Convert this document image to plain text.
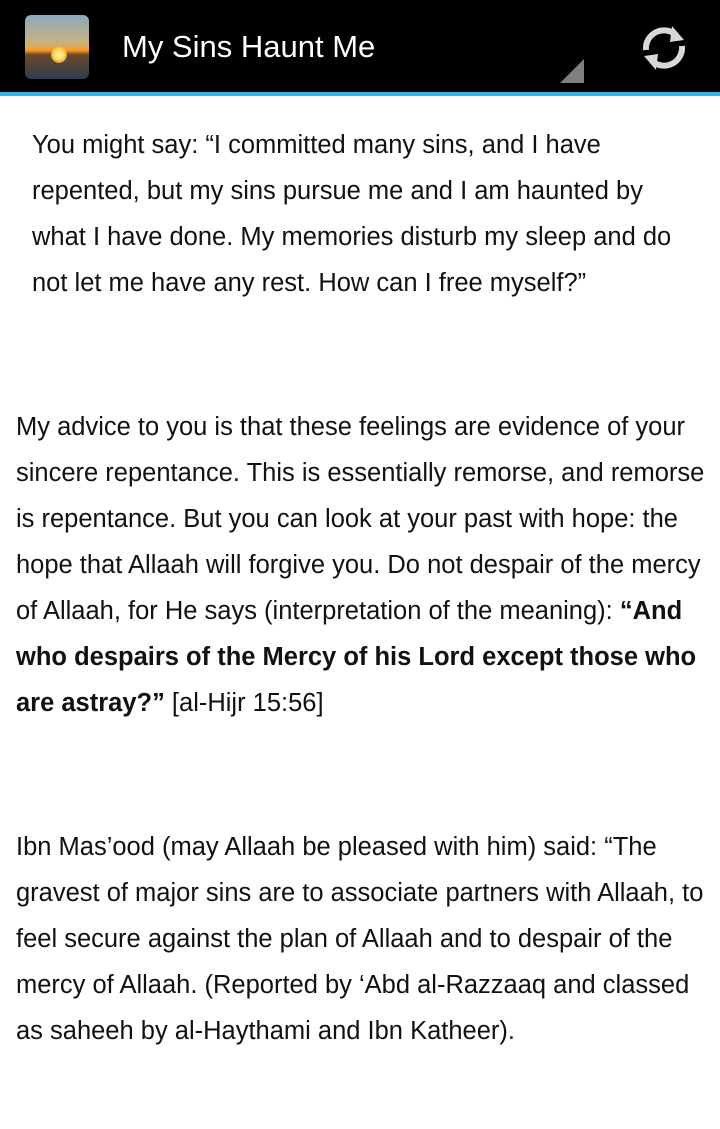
My Sins Haunt Me

You might say: “I committed many sins, and I have repented, but my sins pursue me and I am haunted by what I have done. My memories disturb my sleep and do not let me have any rest. How can I free myself?”

My advice to you is that these feelings are evidence of your sincere repentance. This is essentially remorse, and remorse is repentance. But you can look at your past with hope: the hope that Allaah will forgive you. Do not despair of the mercy of Allaah, for He says (interpretation of the meaning): “And who despairs of the Mercy of his Lord except those who are astray?” [al-Hijr 15:56]

Ibn Mas’ood (may Allaah be pleased with him) said: “The gravest of major sins are to associate partners with Allaah, to feel secure against the plan of Allaah and to despair of the mercy of Allaah. (Reported by ‘Abd al-Razzaaq and classed as saheeh by al-Haythami and Ibn Katheer).
